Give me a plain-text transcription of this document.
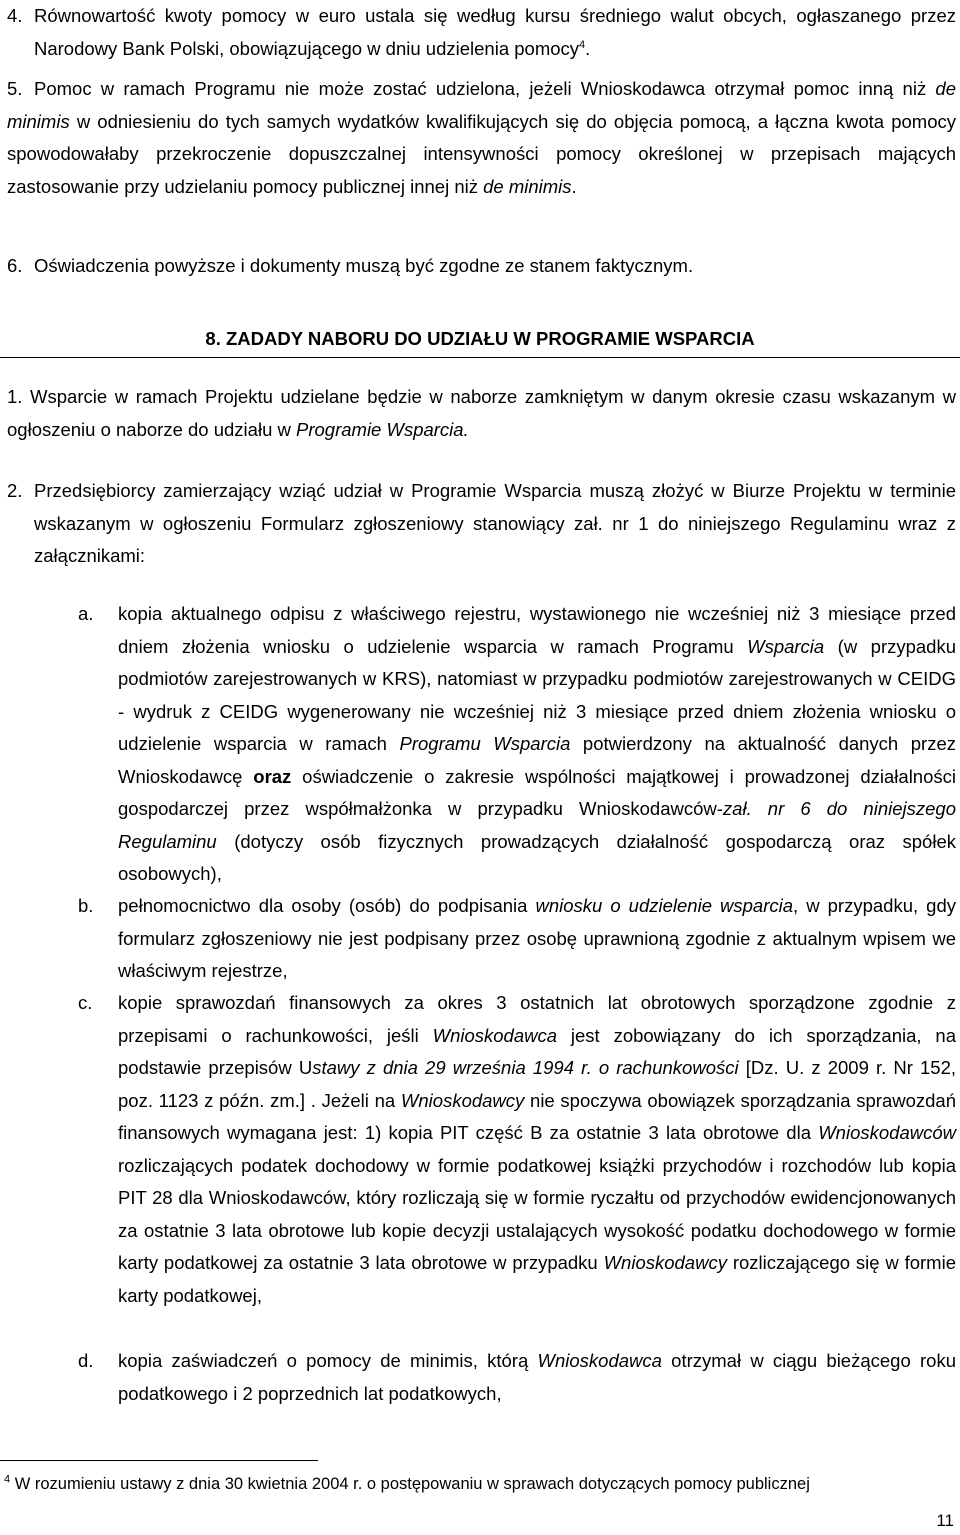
4. Równowartość kwoty pomocy w euro ustala się według kursu średniego walut obcych, ogłaszanego przez Narodowy Bank Polski, obowiązującego w dniu udzielenia pomocy$^4$.
5. Pomoc w ramach Programu nie może zostać udzielona, jeżeli Wnioskodawca otrzymał pomoc inną niż de minimis w odniesieniu do tych samych wydatków kwalifikujących się do objęcia pomocą, a łączna kwota pomocy spowodowałaby przekroczenie dopuszczalnej intensywności pomocy określonej w przepisach mających zastosowanie przy udzielaniu pomocy publicznej innej niż de minimis.
6. Oświadczenia powyższe i dokumenty muszą być zgodne ze stanem faktycznym.
8. ZADADY NABORU DO UDZIAŁU W PROGRAMIE WSPARCIA
1. Wsparcie w ramach Projektu udzielane będzie w naborze zamkniętym w danym okresie czasu wskazanym w ogłoszeniu o naborze do udziału w Programie Wsparcia.
2. Przedsiębiorcy zamierzający wziąć udział w Programie Wsparcia muszą złożyć w Biurze Projektu w terminie wskazanym w ogłoszeniu Formularz zgłoszeniowy stanowiący zał. nr 1 do niniejszego Regulaminu wraz z załącznikami:
a. kopia aktualnego odpisu z właściwego rejestru, wystawionego nie wcześniej niż 3 miesiące przed dniem złożenia wniosku o udzielenie wsparcia w ramach Programu Wsparcia (w przypadku podmiotów zarejestrowanych w KRS), natomiast w przypadku podmiotów zarejestrowanych w CEIDG - wydruk z CEIDG wygenerowany nie wcześniej niż 3 miesiące przed dniem złożenia wniosku o udzielenie wsparcia w ramach Programu Wsparcia potwierdzony na aktualność danych przez Wnioskodawcę oraz oświadczenie o zakresie wspólności majątkowej i prowadzonej działalności gospodarczej przez współmałżonka w przypadku Wnioskodawców-zał. nr 6 do niniejszego Regulaminu (dotyczy osób fizycznych prowadzących działalność gospodarczą oraz spółek osobowych),
b. pełnomocnictwo dla osoby (osób) do podpisania wniosku o udzielenie wsparcia, w przypadku, gdy formularz zgłoszeniowy nie jest podpisany przez osobę uprawnioną zgodnie z aktualnym wpisem we właściwym rejestrze,
c. kopie sprawozdań finansowych za okres 3 ostatnich lat obrotowych sporządzone zgodnie z przepisami o rachunkowości, jeśli Wnioskodawca jest zobowiązany do ich sporządzania, na podstawie przepisów Ustawy z dnia 29 września 1994 r. o rachunkowości [Dz. U. z 2009 r. Nr 152, poz. 1123 z późn. zm.] . Jeżeli na Wnioskodawcy nie spoczywa obowiązek sporządzania sprawozdań finansowych wymagana jest: 1) kopia PIT część B za ostatnie 3 lata obrotowe dla Wnioskodawców rozliczających podatek dochodowy w formie podatkowej książki przychodów i rozchodów lub kopia PIT 28 dla Wnioskodawców, który rozliczają się w formie ryczałtu od przychodów ewidencjonowanych za ostatnie 3 lata obrotowe lub kopie decyzji ustalających wysokość podatku dochodowego w formie karty podatkowej za ostatnie 3 lata obrotowe w przypadku Wnioskodawcy rozliczającego się w formie karty podatkowej,
d. kopia zaświadczeń o pomocy de minimis, którą Wnioskodawca otrzymał w ciągu bieżącego roku podatkowego i 2 poprzednich lat podatkowych,
$^4$ W rozumieniu ustawy z dnia 30 kwietnia 2004 r. o postępowaniu w sprawach dotyczących pomocy publicznej
11
